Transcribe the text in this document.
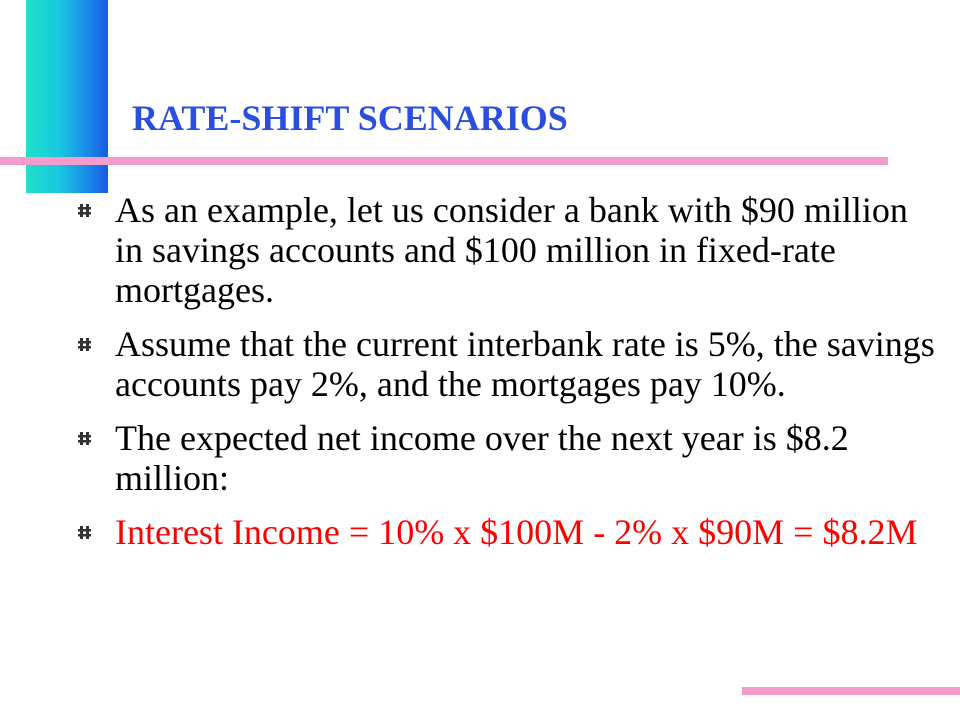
RATE-SHIFT SCENARIOS
As an example, let us consider a bank with $90 million in savings accounts and $100 million in fixed-rate mortgages.
Assume that the current interbank rate is 5%, the savings accounts pay 2%, and the mortgages pay 10%.
The expected net income over the next year is $8.2 million:
Interest Income = 10% x $100M - 2% x $90M = $8.2M
